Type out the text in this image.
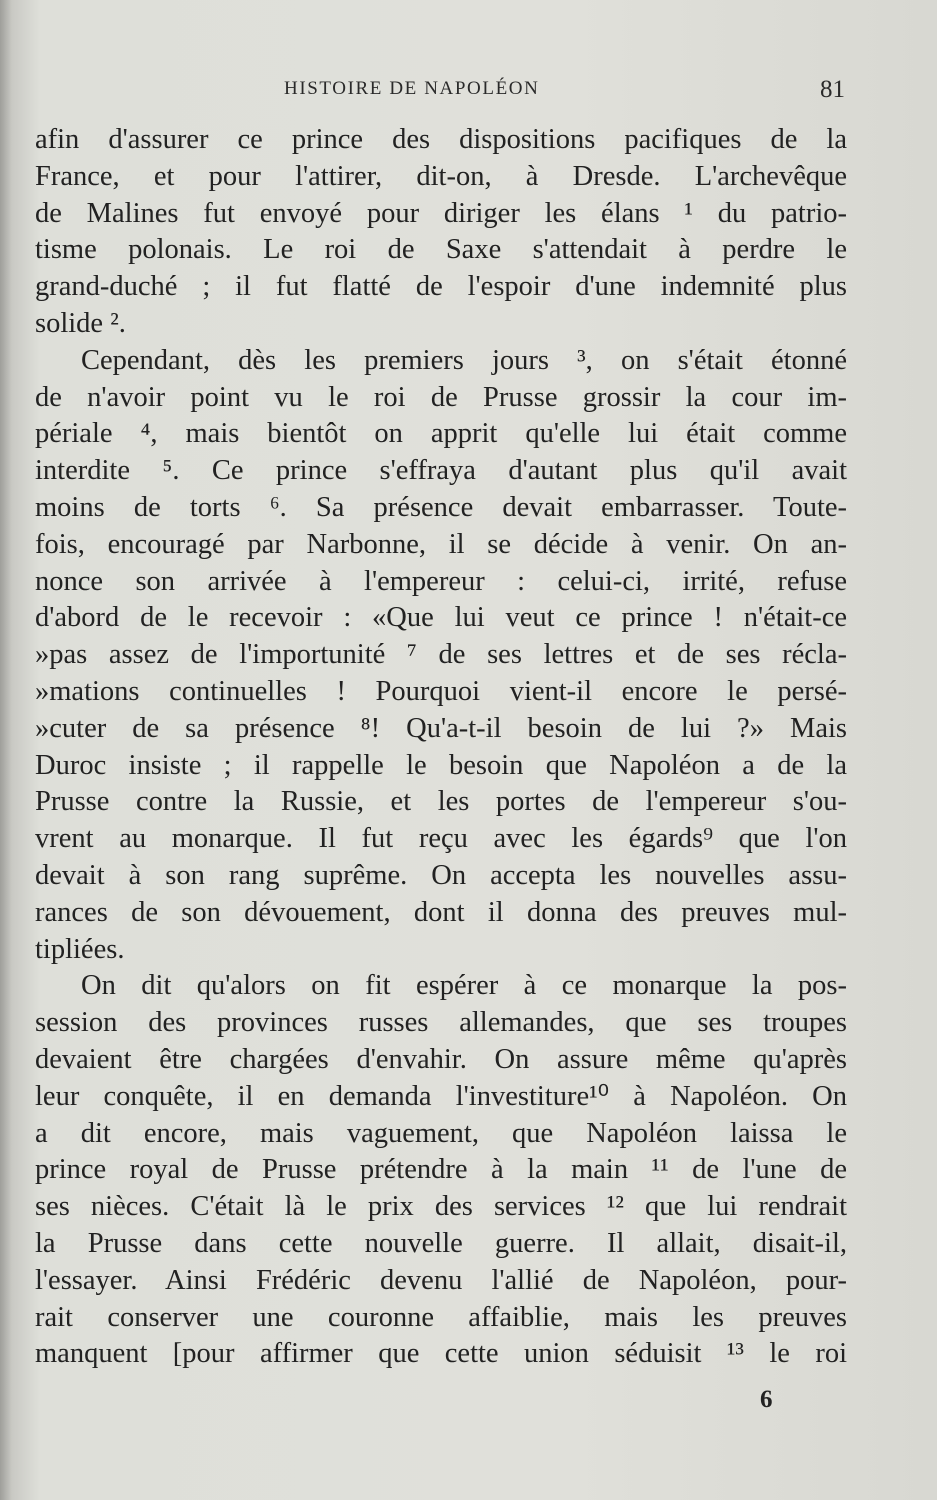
HISTOIRE DE NAPOLÉON	81
afin d'assurer ce prince des dispositions pacifiques de la
France, et pour l'attirer, dit-on, à Dresde. L'archevêque
de Malines fut envoyé pour diriger les élans ¹ du patrio-
tisme polonais. Le roi de Saxe s'attendait à perdre le
grand-duché ; il fut flatté de l'espoir d'une indemnité plus
solide ².
Cependant, dès les premiers jours ³, on s'était étonné
de n'avoir point vu le roi de Prusse grossir la cour im-
périale ⁴, mais bientôt on apprit qu'elle lui était comme
interdite ⁵. Ce prince s'effraya d'autant plus qu'il avait
moins de torts ⁶. Sa présence devait embarrasser. Toute-
fois, encouragé par Narbonne, il se décide à venir. On an-
nonce son arrivée à l'empereur : celui-ci, irrité, refuse
d'abord de le recevoir : «Que lui veut ce prince ! n'était-ce
»pas assez de l'importunité ⁷ de ses lettres et de ses récla-
»mations continuelles ! Pourquoi vient-il encore le persé-
»cuter de sa présence ⁸! Qu'a-t-il besoin de lui ?» Mais
Duroc insiste ; il rappelle le besoin que Napoléon a de la
Prusse contre la Russie, et les portes de l'empereur s'ou-
vrent au monarque. Il fut reçu avec les égards⁹ que l'on
devait à son rang suprême. On accepta les nouvelles assu-
rances de son dévouement, dont il donna des preuves mul-
tipliées.
On dit qu'alors on fit espérer à ce monarque la pos-
session des provinces russes allemandes, que ses troupes
devaient être chargées d'envahir. On assure même qu'après
leur conquête, il en demanda l'investiture¹⁰ à Napoléon. On
a dit encore, mais vaguement, que Napoléon laissa le
prince royal de Prusse prétendre à la main ¹¹ de l'une de
ses nièces. C'était là le prix des services ¹² que lui rendrait
la Prusse dans cette nouvelle guerre. Il allait, disait-il,
l'essayer. Ainsi Frédéric devenu l'allié de Napoléon, pour-
rait conserver une couronne affaiblie, mais les preuves
manquent [pour affirmer que cette union séduisit ¹³ le roi
6
